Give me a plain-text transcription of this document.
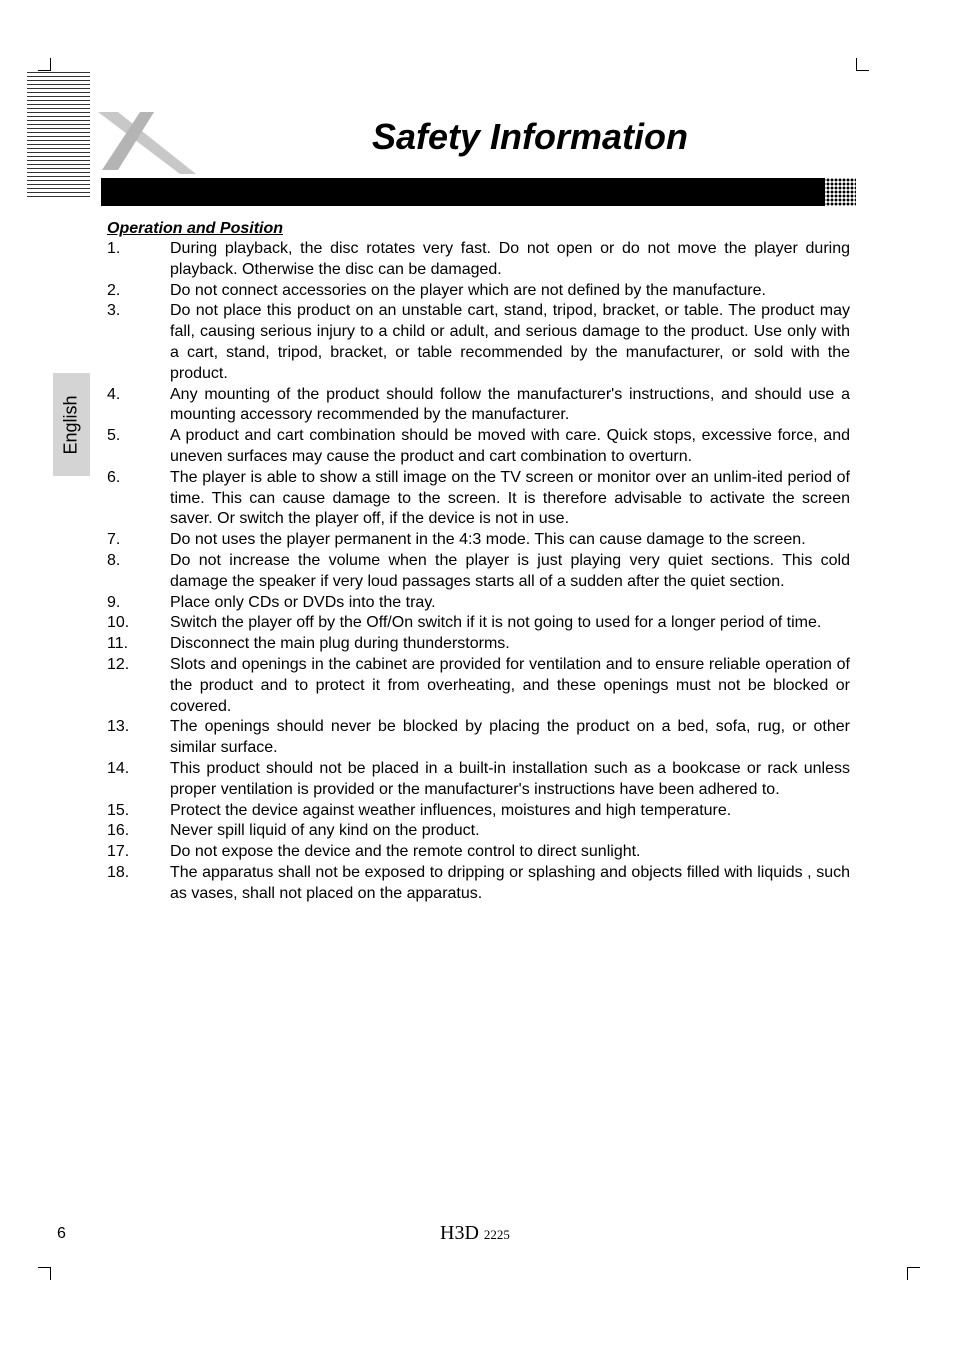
Safety Information
English
Operation and Position
1.	During playback, the disc rotates very fast. Do not open or do not move the player during playback. Otherwise the disc can be damaged.
2.	Do not connect accessories on the player which are not defined by the manufacture.
3.	Do not place this product on an unstable cart, stand, tripod, bracket, or table. The product may fall, causing serious injury to a child or adult, and serious damage to the product. Use only with a cart, stand, tripod, bracket, or table recommended by the manufacturer, or sold with the product.
4.	Any mounting of the product should follow the manufacturer's instructions, and should use a mounting accessory recommended by the manufacturer.
5.	A product and cart combination should be moved with care. Quick stops, excessive force, and uneven surfaces may cause the product and cart combination to overturn.
6.	The player is able to show a still image on the TV screen or monitor over an unlim-ited period of time. This can cause damage to the screen. It is therefore advisable to activate the screen saver. Or switch the player off, if the device is not in use.
7.	Do not uses the player permanent in the 4:3 mode. This can cause damage to the screen.
8.	Do not increase the volume when the player is just playing very quiet sections. This cold damage the speaker if very loud passages starts all of a sudden after the quiet section.
9.	Place only CDs or DVDs into the tray.
10.	Switch the player off by the Off/On switch if it is not going to used for a longer period of time.
11.	Disconnect the main plug during thunderstorms.
12.	Slots and openings in the cabinet are provided for ventilation and to ensure reliable operation of the product and to protect it from overheating, and these openings must not be blocked or covered.
13.	The openings should never be blocked by placing the product on a bed, sofa, rug, or other similar surface.
14.	This product should not be placed in a built-in installation such as a bookcase or rack unless proper ventilation is provided or the manufacturer's instructions have been adhered to.
15.	Protect the device against weather influences, moistures and high temperature.
16.	Never spill liquid of any kind on the product.
17.	Do not expose the device and the remote control to direct sunlight.
18.	The apparatus shall not be exposed to dripping or splashing and objects filled with liquids , such as vases, shall not placed on the apparatus.
6	H3D 2225
